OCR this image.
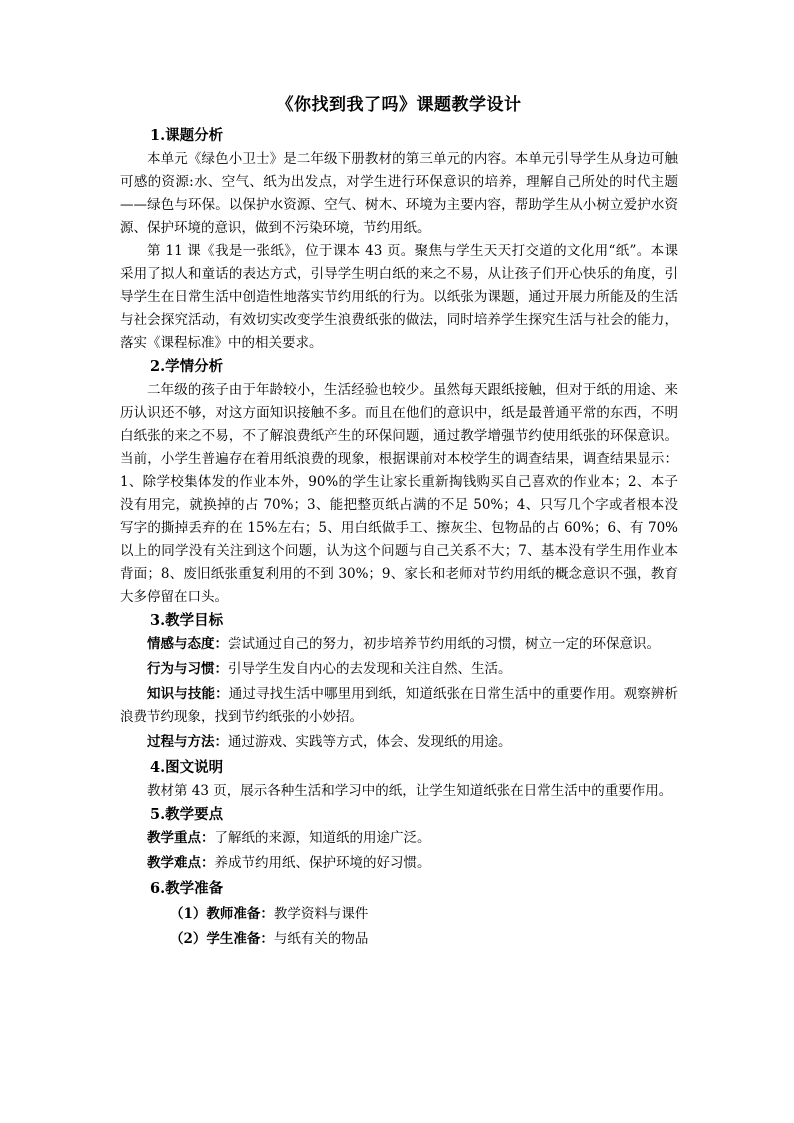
《你找到我了吗》课题教学设计
1.课题分析

本单元《绿色小卫士》是二年级下册教材的第三单元的内容。本单元引导学生从身边可触可感的资源:水、空气、纸为出发点，对学生进行环保意识的培养，理解自己所处的时代主题——绿色与环保。以保护水资源、空气、树木、环境为主要内容，帮助学生从小树立爱护水资源、保护环境的意识，做到不污染环境，节约用纸。

第 11 课《我是一张纸》，位于课本 43 页。聚焦与学生天天打交道的文化用“纸”。本课采用了拟人和童话的表达方式，引导学生明白纸的来之不易，从让孩子们开心快乐的角度，引导学生在日常生活中创造性地落实节约用纸的行为。以纸张为课题，通过开展力所能及的生活与社会探究活动，有效切实改变学生浪费纸张的做法，同时培养学生探究生活与社会的能力，落实《课程标准》中的相关要求。

2.学情分析

二年级的孩子由于年龄较小，生活经验也较少。虽然每天跟纸接触，但对于纸的用途、来历认识还不够，对这方面知识接触不多。而且在他们的意识中，纸是最普通平常的东西，不明白纸张的来之不易，不了解浪费纸产生的环保问题，通过教学增强节约使用纸张的环保意识。当前，小学生普遍存在着用纸浪费的现象，根据课前对本校学生的调查结果，调查结果显示：1、除学校集体发的作业本外，90%的学生让家长重新掏钱购买自己喜欢的作业本；2、本子没有用完，就换掉的占 70%；3、能把整页纸占满的不足 50%；4、只写几个字或者根本没写字的撕掉丢弃的在 15%左右；5、用白纸做手工、擦灰尘、包物品的占 60%；6、有 70%以上的同学没有关注到这个问题，认为这个问题与自己关系不大；7、基本没有学生用作业本背面；8、废旧纸张重复利用的不到 30%；9、家长和老师对节约用纸的概念意识不强，教育大多停留在口头。

3.教学目标

情感与态度：尝试通过自己的努力，初步培养节约用纸的习惯，树立一定的环保意识。

行为与习惯：引导学生发自内心的去发现和关注自然、生活。

知识与技能：通过寻找生活中哪里用到纸，知道纸张在日常生活中的重要作用。观察辨析浪费节约现象，找到节约纸张的小妙招。

过程与方法：通过游戏、实践等方式，体会、发现纸的用途。

4.图文说明

教材第 43 页，展示各种生活和学习中的纸，让学生知道纸张在日常生活中的重要作用。

5.教学要点

教学重点：了解纸的来源，知道纸的用途广泛。

教学难点：养成节约用纸、保护环境的好习惯。

6.教学准备

（1）教师准备：教学资料与课件

（2）学生准备：与纸有关的物品
